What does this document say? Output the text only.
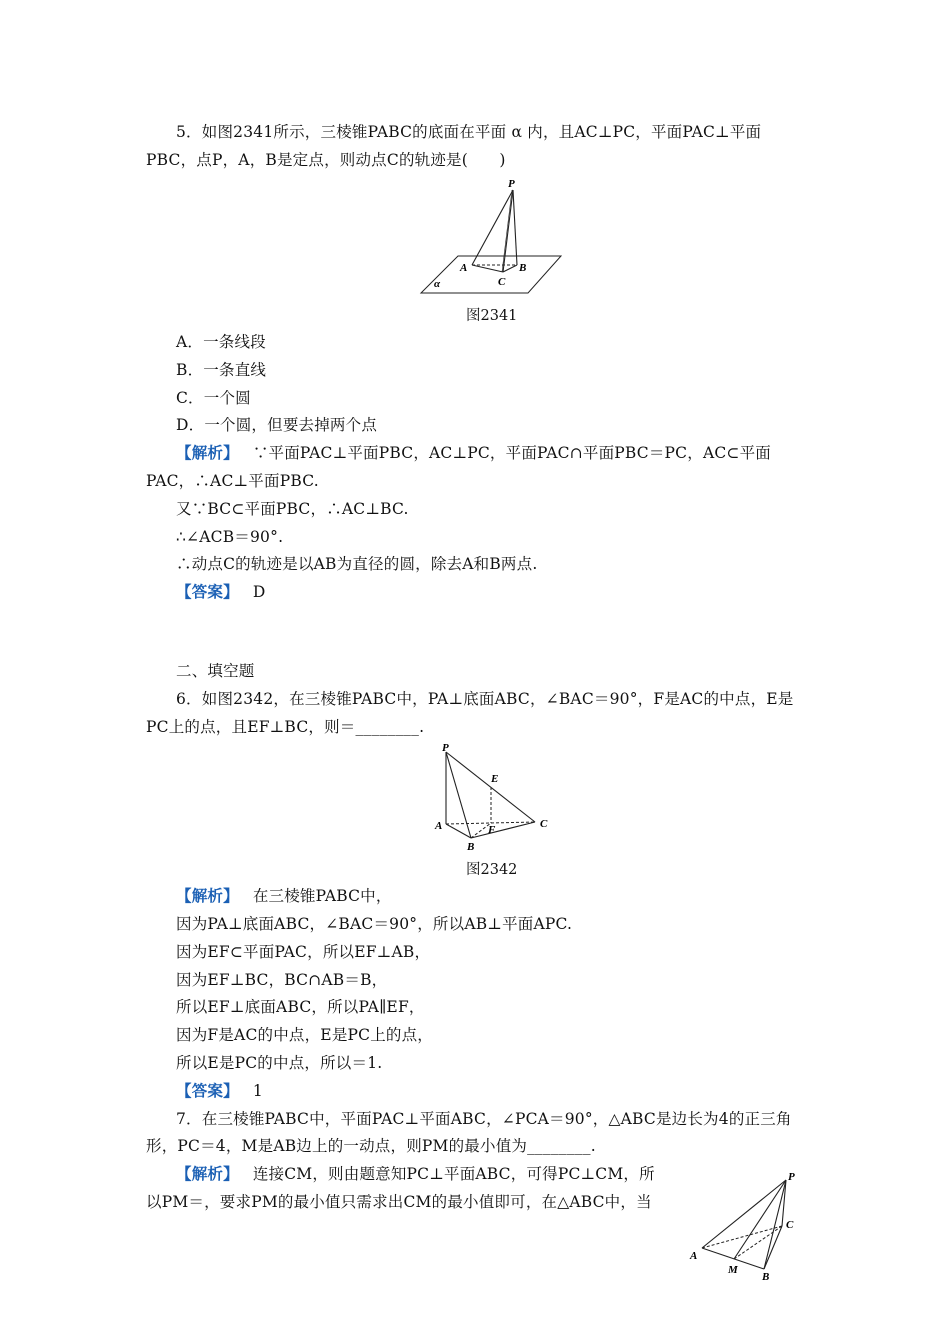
5．如图2341所示，三棱锥PABC的底面在平面 α 内，且AC⊥PC，平面PAC⊥平面
PBC，点P，A，B是定点，则动点C的轨迹是(　　)
P
A	B
C
α
图2341
A．一条线段
B．一条直线
C．一个圆
D．一个圆，但要去掉两个点
【解析】 ∵平面PAC⊥平面PBC，AC⊥PC，平面PAC∩平面PBC＝PC，AC⊂平面
PAC，∴AC⊥平面PBC.
又∵BC⊂平面PBC，∴AC⊥BC.
∴∠ACB＝90°.
∴动点C的轨迹是以AB为直径的圆，除去A和B两点.
【答案】 D
二、填空题
6．如图2342，在三棱锥PABC中，PA⊥底面ABC，∠BAC＝90°，F是AC的中点，E是
PC上的点，且EF⊥BC，则＝________.
P
E
A	F	C
B
图2342
【解析】 在三棱锥PABC中，
因为PA⊥底面ABC，∠BAC＝90°，所以AB⊥平面APC.
因为EF⊂平面PAC，所以EF⊥AB，
因为EF⊥BC，BC∩AB＝B，
所以EF⊥底面ABC，所以PA∥EF，
因为F是AC的中点，E是PC上的点，
所以E是PC的中点，所以＝1.
【答案】 1
7．在三棱锥PABC中，平面PAC⊥平面ABC，∠PCA＝90°，△ABC是边长为4的正三角
形，PC＝4，M是AB边上的一动点，则PM的最小值为________.
【解析】 连接CM，则由题意知PC⊥平面ABC，可得PC⊥CM，所
以PM＝，要求PM的最小值只需求出CM的最小值即可，在△ABC中，当
P
C
A
M
B
